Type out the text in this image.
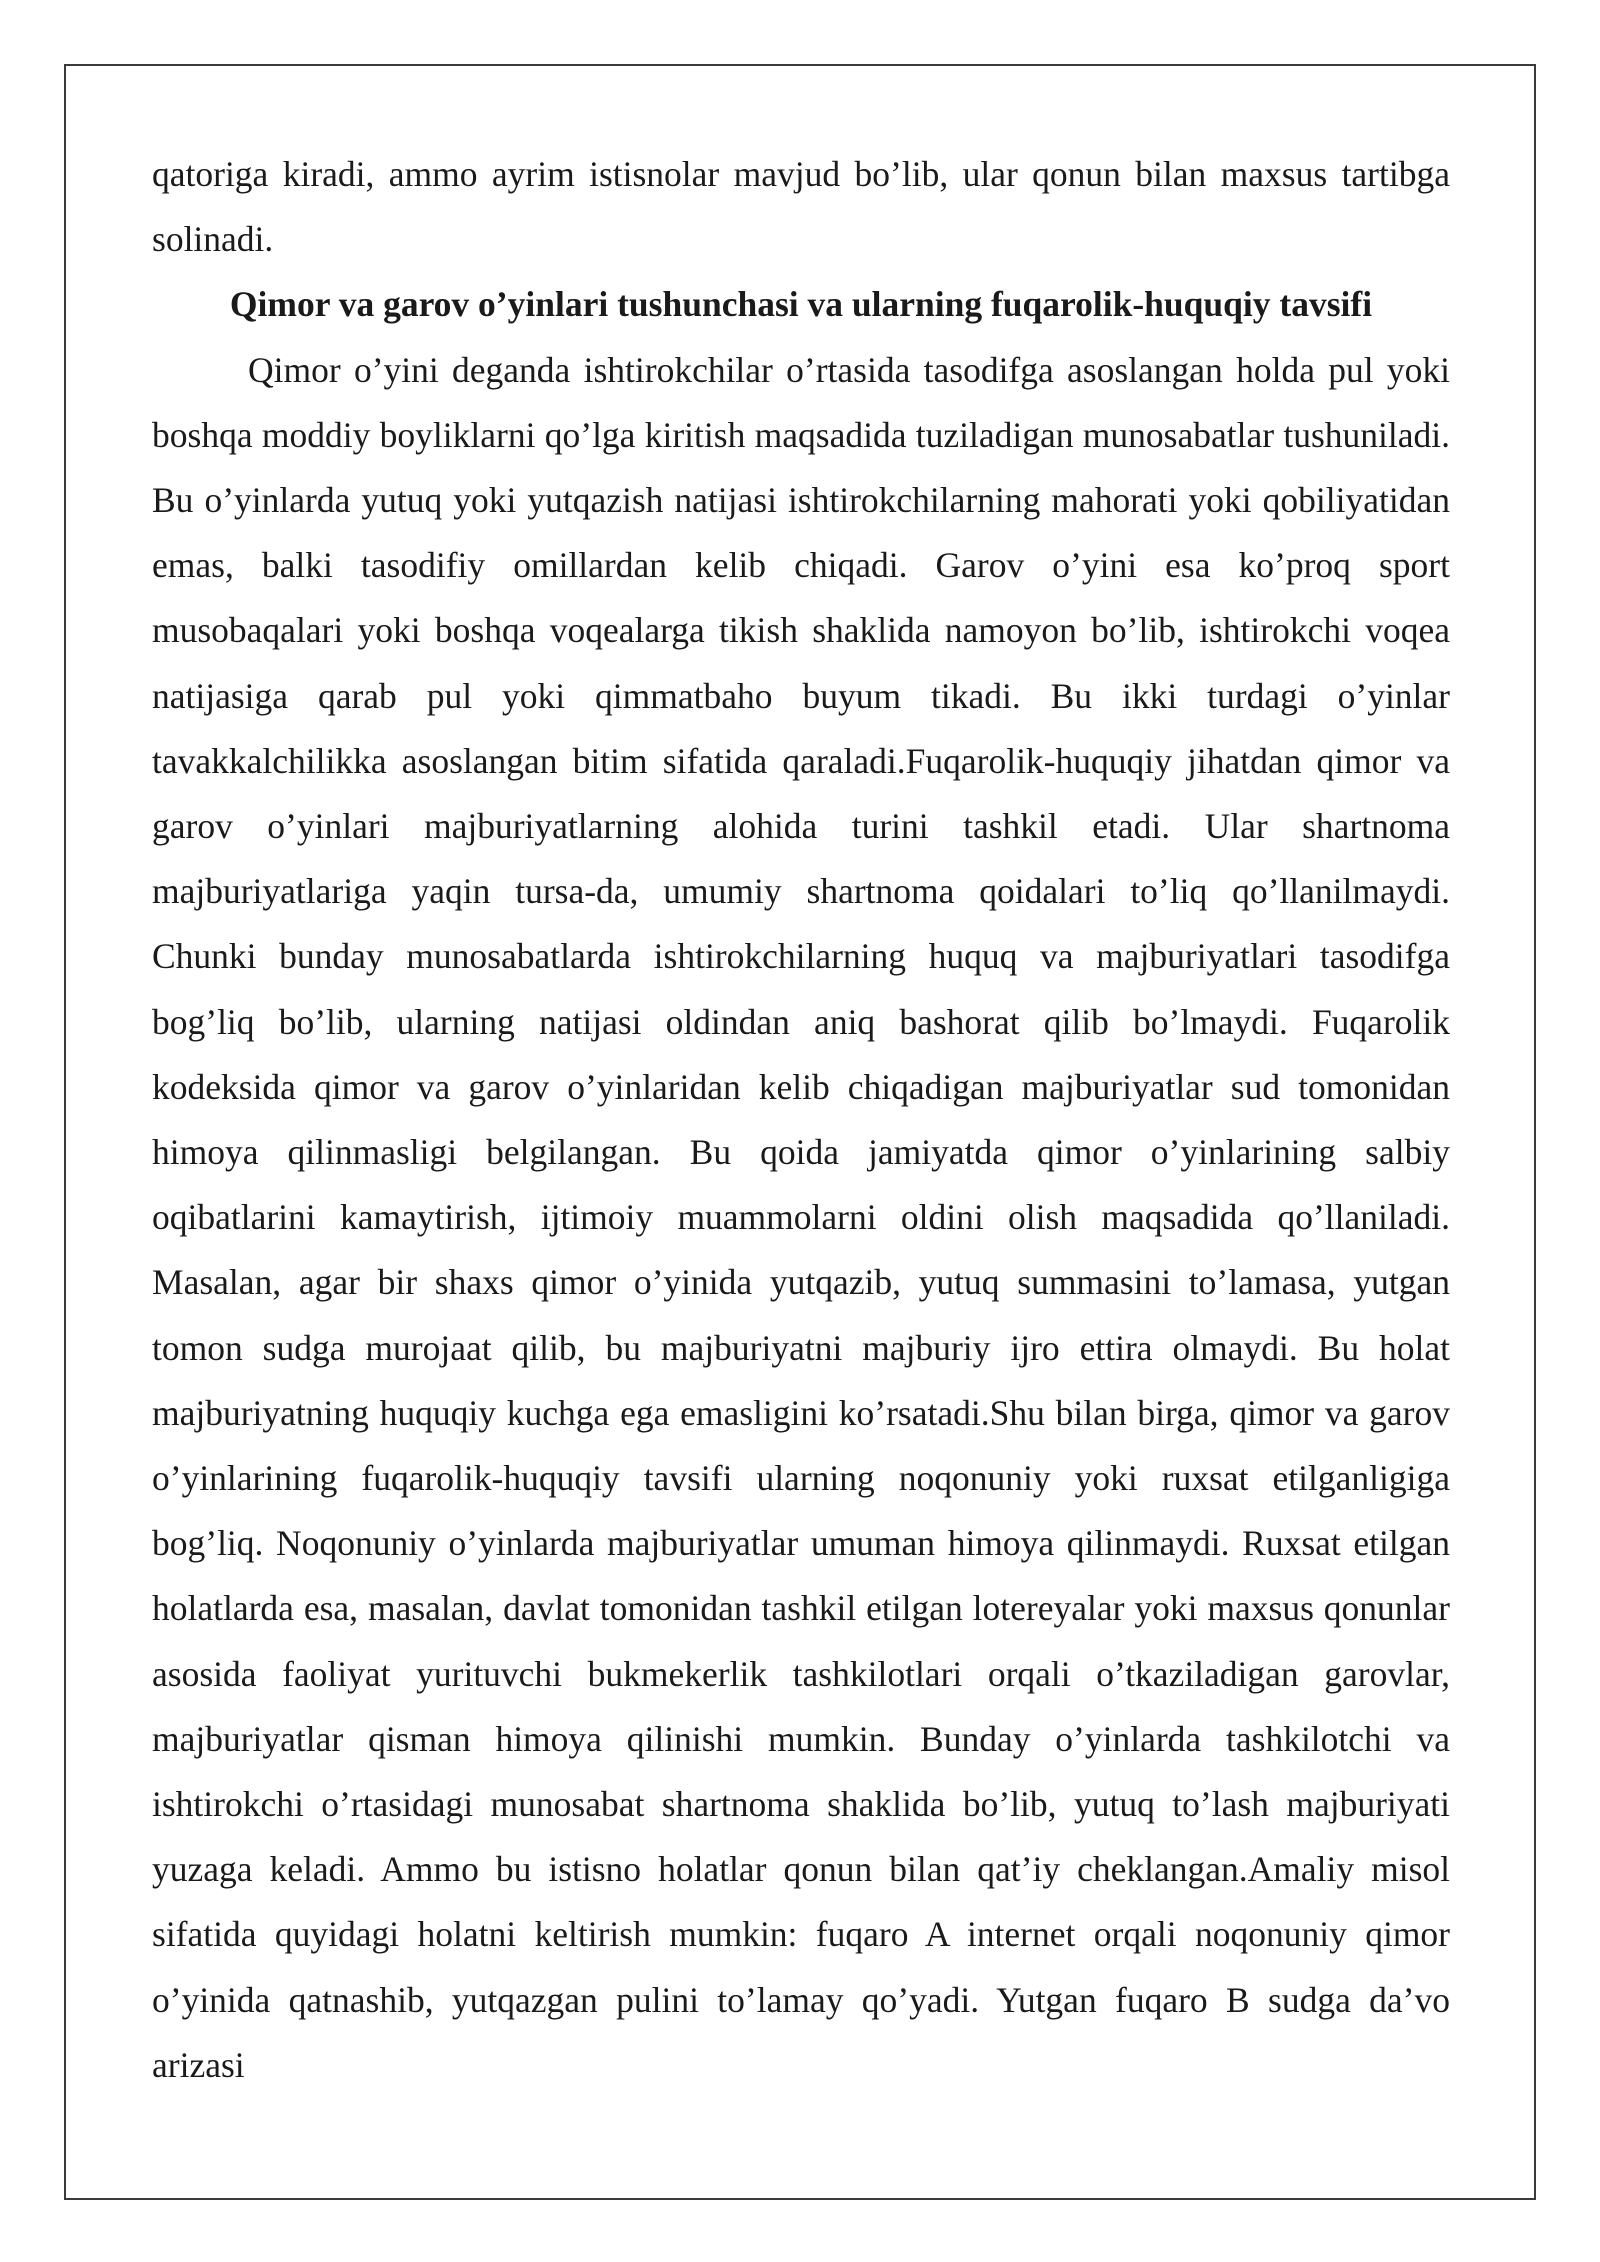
qatoriga kiradi, ammo ayrim istisnolar mavjud bo’lib, ular qonun bilan maxsus tartibga solinadi.

Qimor va garov o’yinlari tushunchasi va ularning fuqarolik-huquqiy tavsifi

Qimor o’yini deganda ishtirokchilar o’rtasida tasodifga asoslangan holda pul yoki boshqa moddiy boyliklarni qo’lga kiritish maqsadida tuziladigan munosabatlar tushuniladi. Bu o’yinlarda yutuq yoki yutqazish natijasi ishtirokchilarning mahorati yoki qobiliyatidan emas, balki tasodifiy omillardan kelib chiqadi. Garov o’yini esa ko’proq sport musobaqalari yoki boshqa voqealarga tikish shaklida namoyon bo’lib, ishtirokchi voqea natijasiga qarab pul yoki qimmatbaho buyum tikadi. Bu ikki turdagi o’yinlar tavakkalchilikka asoslangan bitim sifatida qaraladi.Fuqarolik-huquqiy jihatdan qimor va garov o’yinlari majburiyatlarning alohida turini tashkil etadi. Ular shartnoma majburiyatlariga yaqin tursa-da, umumiy shartnoma qoidalari to’liq qo’llanilmaydi. Chunki bunday munosabatlarda ishtirokchilarning huquq va majburiyatlari tasodifga bog’liq bo’lib, ularning natijasi oldindan aniq bashorat qilib bo’lmaydi. Fuqarolik kodeksida qimor va garov o’yinlaridan kelib chiqadigan majburiyatlar sud tomonidan himoya qilinmasligi belgilangan. Bu qoida jamiyatda qimor o’yinlarining salbiy oqibatlarini kamaytirish, ijtimoiy muammolarni oldini olish maqsadida qo’llaniladi. Masalan, agar bir shaxs qimor o’yinida yutqazib, yutuq summasini to’lamasa, yutgan tomon sudga murojaat qilib, bu majburiyatni majburiy ijro ettira olmaydi. Bu holat majburiyatning huquqiy kuchga ega emasligini ko’rsatadi.Shu bilan birga, qimor va garov o’yinlarining fuqarolik-huquqiy tavsifi ularning noqonuniy yoki ruxsat etilganligiga bog’liq. Noqonuniy o’yinlarda majburiyatlar umuman himoya qilinmaydi. Ruxsat etilgan holatlarda esa, masalan, davlat tomonidan tashkil etilgan lotereyalar yoki maxsus qonunlar asosida faoliyat yurituvchi bukmekerlik tashkilotlari orqali o’tkaziladigan garovlar, majburiyatlar qisman himoya qilinishi mumkin. Bunday o’yinlarda tashkilotchi va ishtirokchi o’rtasidagi munosabat shartnoma shaklida bo’lib, yutuq to’lash majburiyati yuzaga keladi. Ammo bu istisno holatlar qonun bilan qat’iy cheklangan.Amaliy misol sifatida quyidagi holatni keltirish mumkin: fuqaro A internet orqali noqonuniy qimor o’yinida qatnashib, yutqazgan pulini to’lamay qo’yadi. Yutgan fuqaro B sudga da’vo arizasi
